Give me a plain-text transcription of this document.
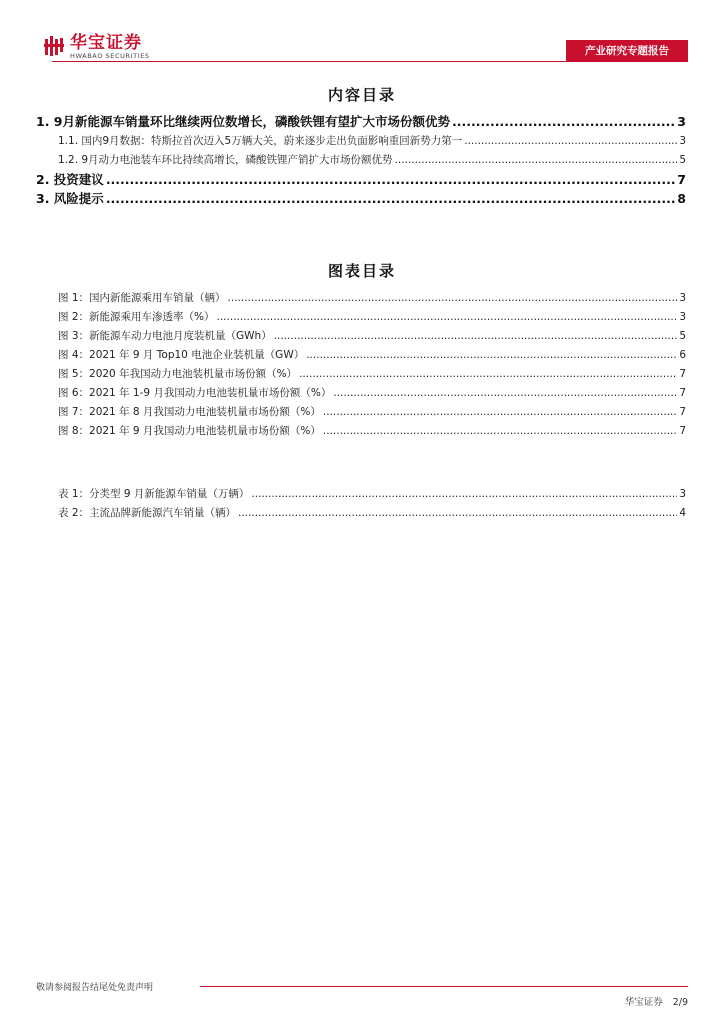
华宝证券
HWABAO SECURITIES	产业研究专题报告
内容目录
1. 9月新能源车销量环比继续两位数增长，磷酸铁锂有望扩大市场份额优势 .....	3
1.1. 国内9月数据：特斯拉首次迈入5万辆大关，蔚来逐步走出负面影响重回新势力第一 .....	3
1.2. 9月动力电池装车环比持续高增长，磷酸铁锂产销扩大市场份额优势 .....	5
2. 投资建议 .....	7
3. 风险提示 .....	8
图表目录
图 1：国内新能源乘用车销量（辆） .....	3
图 2：新能源乘用车渗透率（%） .....	3
图 3：新能源车动力电池月度装机量（GWh） .....	5
图 4：2021 年 9 月 Top10 电池企业装机量（GW） .....	6
图 5：2020 年我国动力电池装机量市场份额（%） .....	7
图 6：2021 年 1-9 月我国动力电池装机量市场份额（%） .....	7
图 7：2021 年 8 月我国动力电池装机量市场份额（%） .....	7
图 8：2021 年 9 月我国动力电池装机量市场份额（%） .....	7
表 1：分类型 9 月新能源车销量（万辆） .....	3
表 2：主流品牌新能源汽车销量（辆） .....	4
敬请参阅报告结尾处免责声明
华宝证券 2/9
